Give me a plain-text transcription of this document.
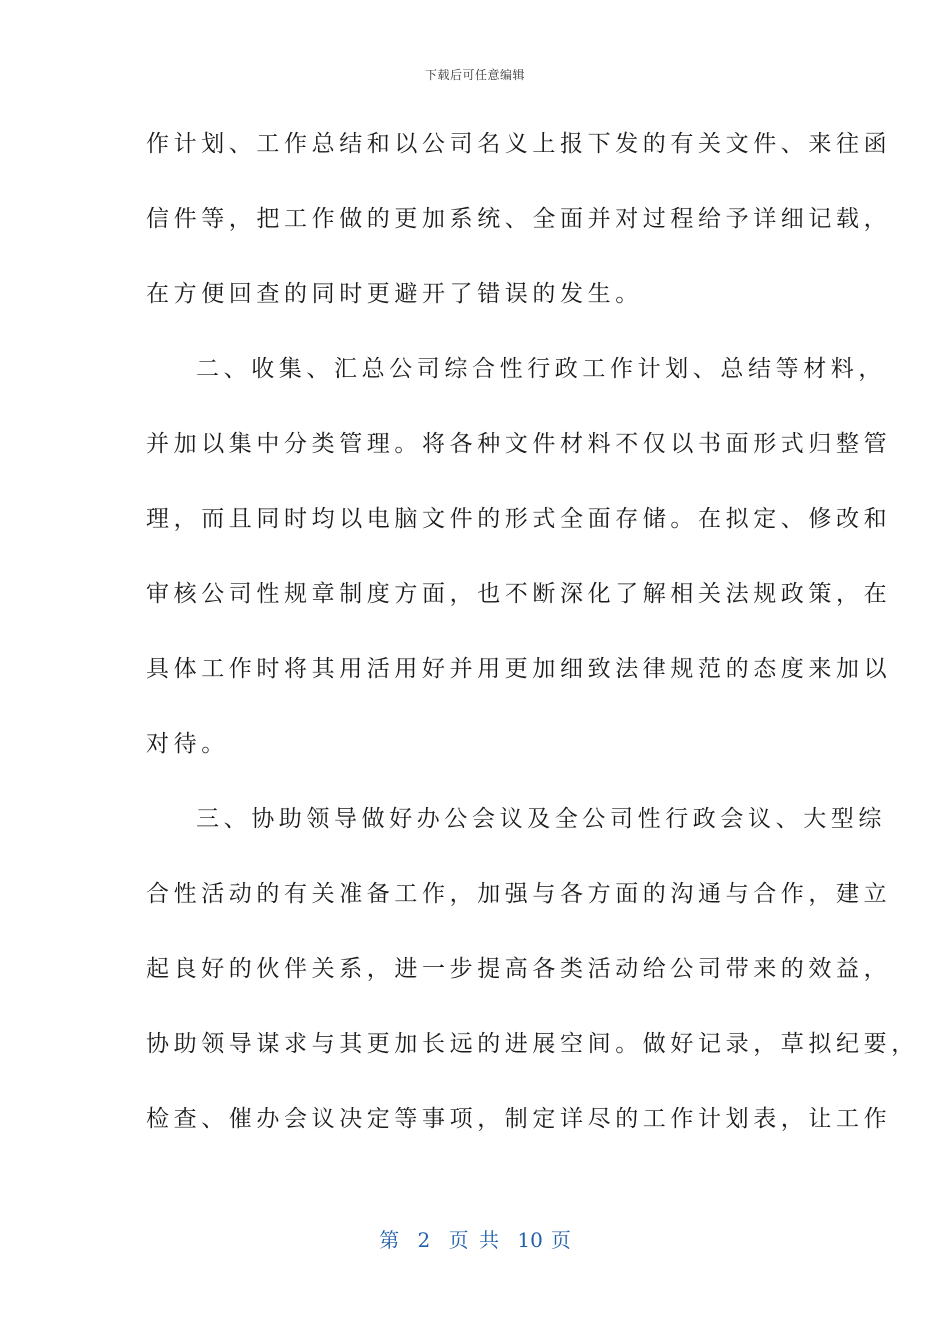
下载后可任意编辑
作计划、工作总结和以公司名义上报下发的有关文件、来往函
信件等，把工作做的更加系统、全面并对过程给予详细记载，
在方便回查的同时更避开了错误的发生。
二、收集、汇总公司综合性行政工作计划、总结等材料，
并加以集中分类管理。将各种文件材料不仅以书面形式归整管
理，而且同时均以电脑文件的形式全面存储。在拟定、修改和
审核公司性规章制度方面，也不断深化了解相关法规政策，在
具体工作时将其用活用好并用更加细致法律规范的态度来加以
对待。
三、协助领导做好办公会议及全公司性行政会议、大型综
合性活动的有关准备工作，加强与各方面的沟通与合作，建立
起良好的伙伴关系，进一步提高各类活动给公司带来的效益，
协助领导谋求与其更加长远的进展空间。做好记录，草拟纪要，
检查、催办会议决定等事项，制定详尽的工作计划表，让工作
第 2 页 共 10 页
